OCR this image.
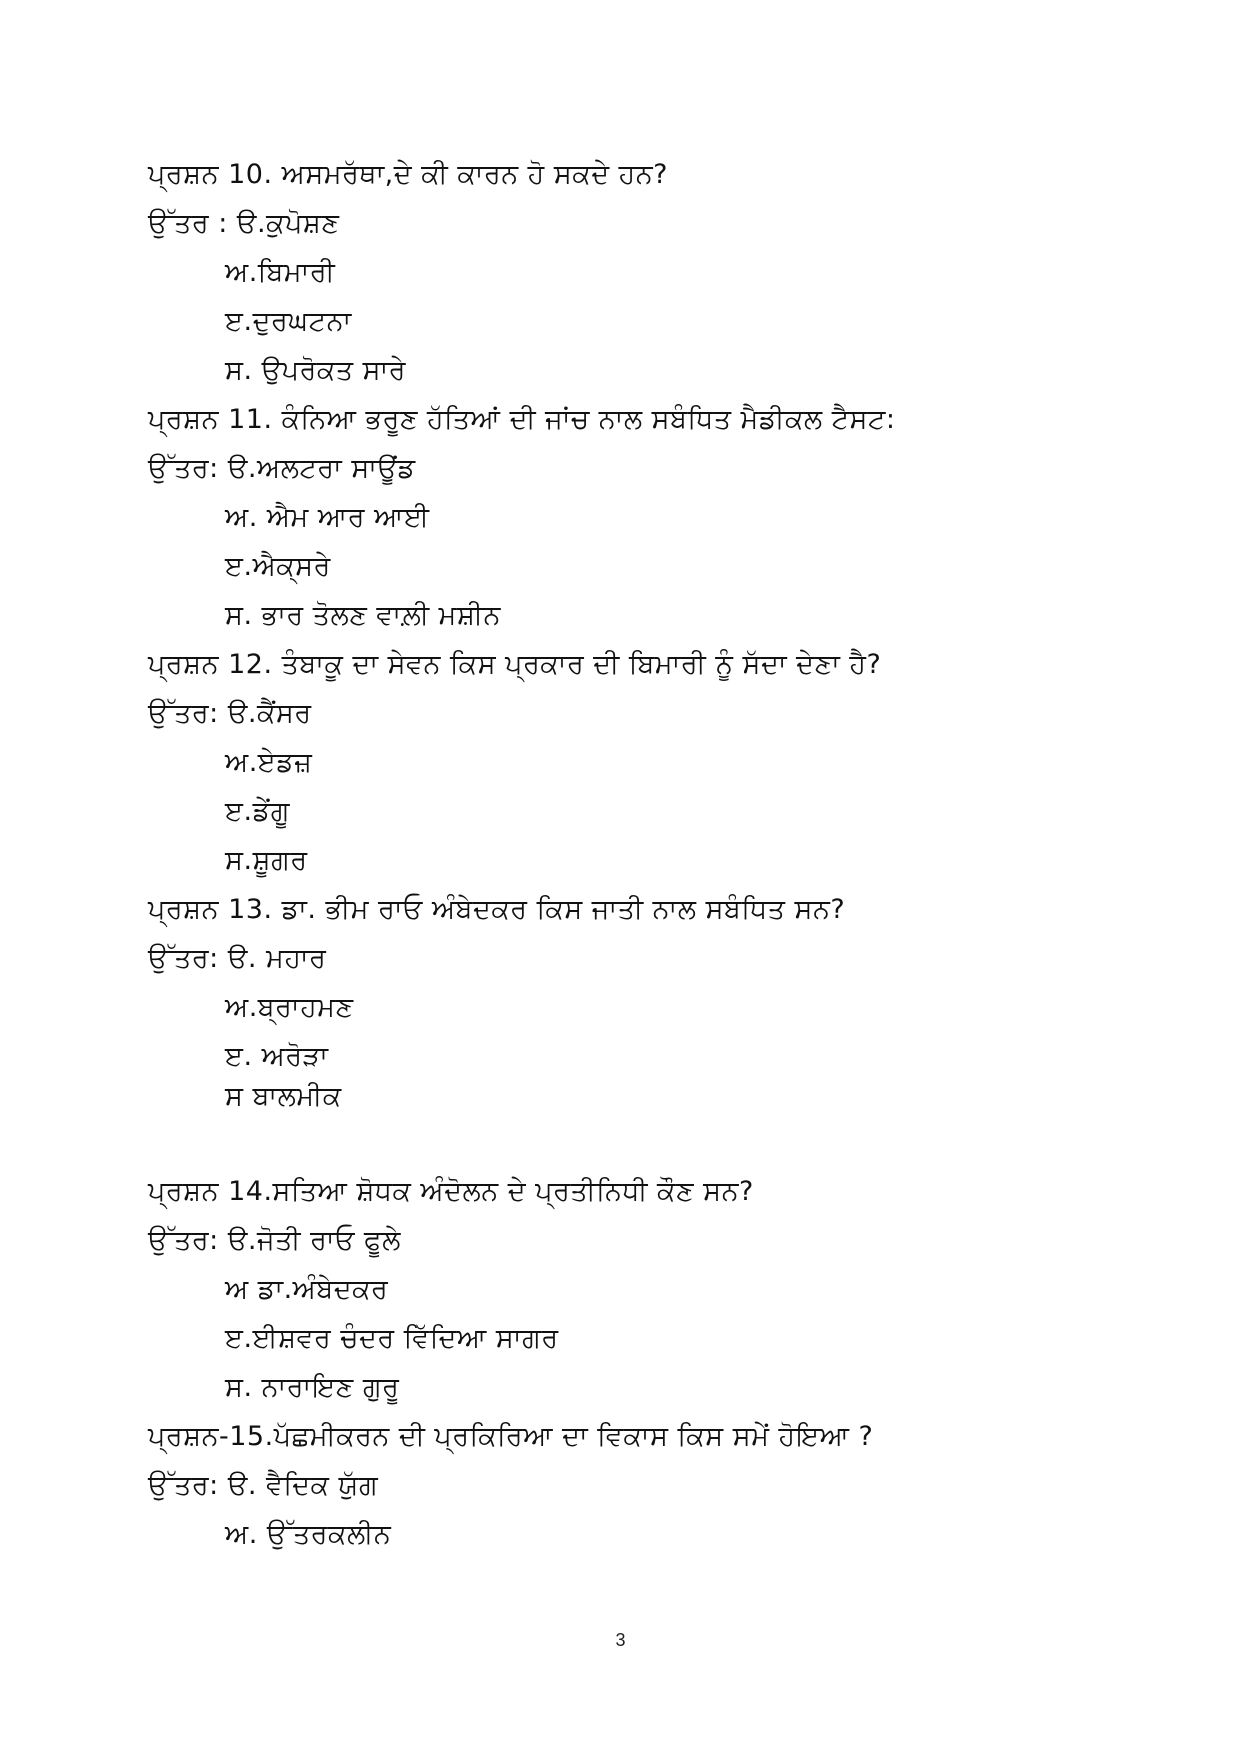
ਪ੍ਰਸ਼ਨ 10. ਅਸਮਰੱਥਾ,ਦੇ ਕੀ ਕਾਰਨ ਹੋ ਸਕਦੇ ਹਨ?
ਉੱਤਰ : ੳ.ਕੁਪੋਸ਼ਣ
ਅ.ਬਿਮਾਰੀ
ੲ.ਦੁਰਘਟਨਾ
ਸ. ਉਪਰੋਕਤ ਸਾਰੇ
ਪ੍ਰਸ਼ਨ 11. ਕੰਨਿਆ ਭਰੂਣ ਹੱਤਿਆਂ ਦੀ ਜਾਂਚ ਨਾਲ ਸਬੰਧਿਤ ਮੈਡੀਕਲ ਟੈਸਟ:
ਉੱਤਰ: ੳ.ਅਲਟਰਾ ਸਾਊਂਡ
ਅ. ਐਮ ਆਰ ਆਈ
ੲ.ਐਕ੍ਸਰੇ
ਸ. ਭਾਰ ਤੋਲਣ ਵਾਲ਼ੀ ਮਸ਼ੀਨ
ਪ੍ਰਸ਼ਨ 12. ਤੰਬਾਕੂ ਦਾ ਸੇਵਨ ਕਿਸ ਪ੍ਰਕਾਰ ਦੀ ਬਿਮਾਰੀ ਨੂੰ ਸੱਦਾ ਦੇਣਾ ਹੈ?
ਉੱਤਰ: ੳ.ਕੈਂਸਰ
ਅ.ਏਡਜ਼
ੲ.ਡੇਂਗੂ
ਸ.ਸ਼ੂਗਰ
ਪ੍ਰਸ਼ਨ 13. ਡਾ. ਭੀਮ ਰਾਓ ਅੰਬੇਦਕਰ ਕਿਸ ਜਾਤੀ ਨਾਲ ਸਬੰਧਿਤ ਸਨ?
ਉੱਤਰ: ੳ. ਮਹਾਰ
ਅ.ਬ੍ਰਾਹਮਣ
ੲ. ਅਰੋੜਾ
ਸ ਬਾਲਮੀਕ
ਪ੍ਰਸ਼ਨ 14.ਸਤਿਆ ਸ਼ੋਧਕ ਅੰਦੋਲਨ ਦੇ ਪ੍ਰਤੀਨਿਧੀ ਕੌਣ ਸਨ?
ਉੱਤਰ: ੳ.ਜੋਤੀ ਰਾਓ ਫੂਲੇ
ਅ ਡਾ.ਅੰਬੇਦਕਰ
ੲ.ਈਸ਼ਵਰ ਚੰਦਰ ਵਿੱਦਿਆ ਸਾਗਰ
ਸ. ਨਾਰਾਇਣ ਗੁਰੂ
ਪ੍ਰਸ਼ਨ-15.ਪੱਛਮੀਕਰਨ ਦੀ ਪ੍ਰਕਿਰਿਆ ਦਾ ਵਿਕਾਸ ਕਿਸ ਸਮੇਂ ਹੋਇਆ ?
ਉੱਤਰ: ੳ. ਵੈਦਿਕ ਯੁੱਗ
ਅ. ਉੱਤਰਕਲੀਨ
3
